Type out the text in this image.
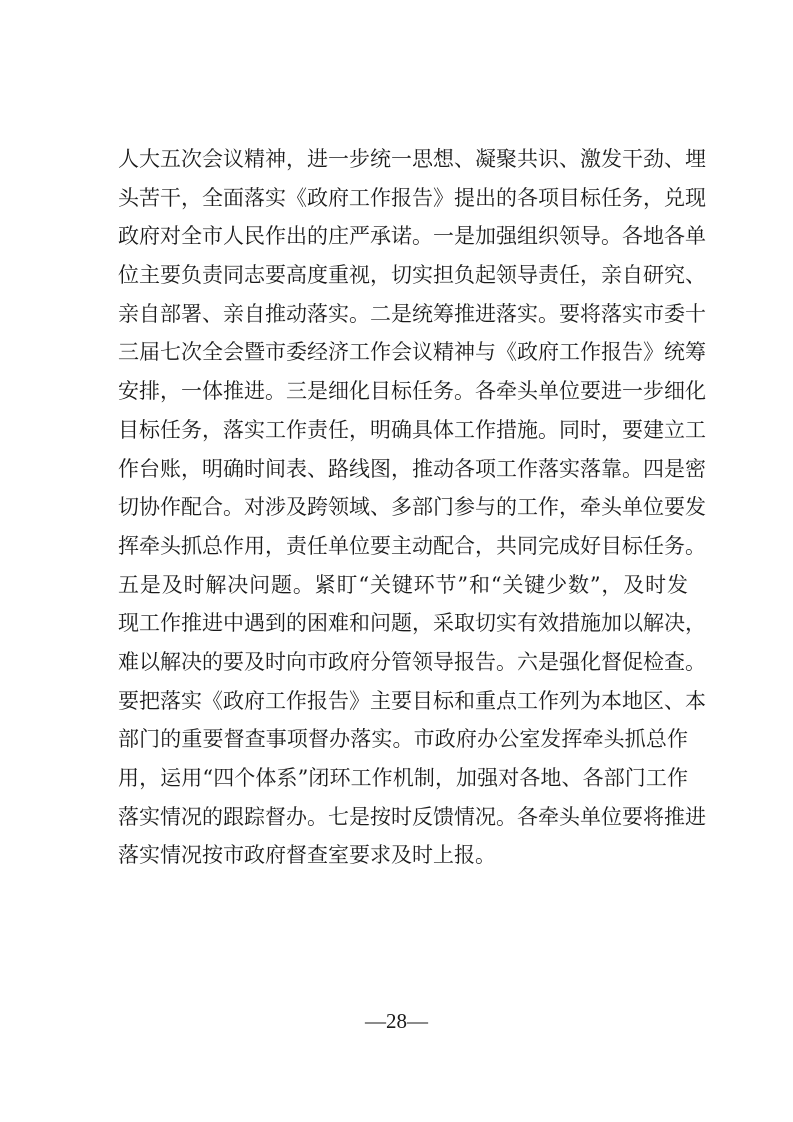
人大五次会议精神，进一步统一思想、凝聚共识、激发干劲、埋
头苦干，全面落实《政府工作报告》提出的各项目标任务，兑现
政府对全市人民作出的庄严承诺。一是加强组织领导。各地各单
位主要负责同志要高度重视，切实担负起领导责任，亲自研究、
亲自部署、亲自推动落实。二是统筹推进落实。要将落实市委十
三届七次全会暨市委经济工作会议精神与《政府工作报告》统筹
安排，一体推进。三是细化目标任务。各牵头单位要进一步细化
目标任务，落实工作责任，明确具体工作措施。同时，要建立工
作台账，明确时间表、路线图，推动各项工作落实落靠。四是密
切协作配合。对涉及跨领域、多部门参与的工作，牵头单位要发
挥牵头抓总作用，责任单位要主动配合，共同完成好目标任务。
五是及时解决问题。紧盯“关键环节”和“关键少数”，及时发
现工作推进中遇到的困难和问题，采取切实有效措施加以解决，
难以解决的要及时向市政府分管领导报告。六是强化督促检查。
要把落实《政府工作报告》主要目标和重点工作列为本地区、本
部门的重要督查事项督办落实。市政府办公室发挥牵头抓总作
用，运用“四个体系”闭环工作机制，加强对各地、各部门工作
落实情况的跟踪督办。七是按时反馈情况。各牵头单位要将推进
落实情况按市政府督查室要求及时上报。
—28—
